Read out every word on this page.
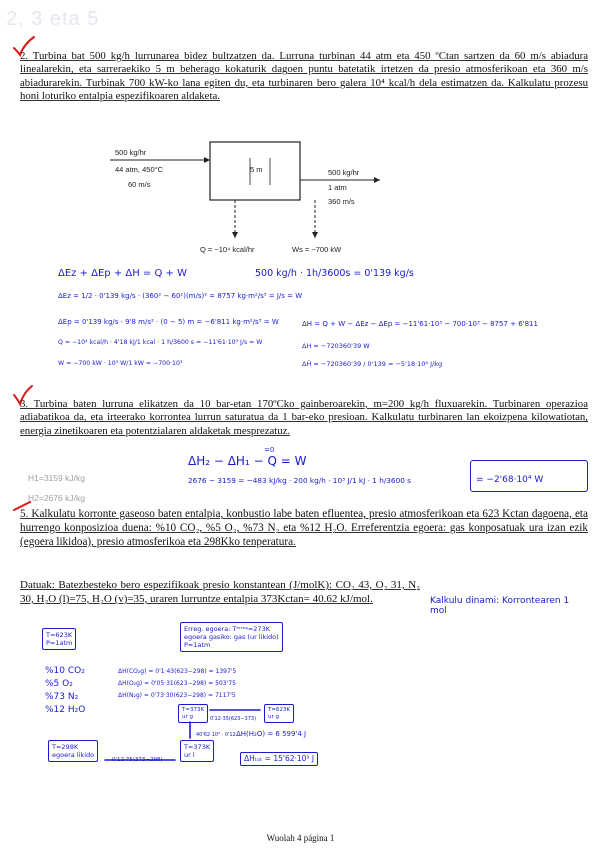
2, 3 eta 5
2. Turbina bat 500 kg/h lurrunarea bidez bultzatzen da. Lurruna turbinan 44 atm eta 450 ºCtan sartzen da 60 m/s abiadura linealarekin, eta sarreraekiko 5 m beherago kokaturik dagoen puntu batetatik irtetzen da presio atmosferikoan eta 360 m/s abiadurarekin. Turbinak 700 kW-ko lana egiten du, eta turbinaren bero galera 10⁴ kcal/h dela estimatzen da. Kalkulatu prozesu honi loturiko entalpia espezifikoaren aldaketa.
500 kg/hr
44 atm, 450°C
60 m/s
5 m	500 kg/hr
1 atm
360 m/s
Q = −10⁴ kcal/hr	Ws = −700 kW
ΔEz + ΔEp + ΔH = Q + W	500 kg/h · 1h/3600s = 0'139 kg/s
ΔEz = 1/2 · 0'139 kg/s · (360² − 60²)(m/s)² = 8757 kg·m²/s³ = J/s = W
ΔEp = 0'139 kg/s · 9'8 m/s² · (0 − 5) m = −6'811 kg·m²/s³ = W
Q = −10⁴ kcal/h · 4'18 kJ/1 kcal · 1 h/3600 s = −11'61·10³ J/s = W
W = −700 kW · 10³ W/1 kW = −700·10³
ΔH = Q + W − ΔEz − ΔEp = −11'61·10³ − 700·10³ − 8757 + 6'811
ΔH = −720360'39 W
ΔĤ = −720360'39 / 0'139 = −5'18·10⁶ J/kg
3. Turbina baten lurruna elikatzen da 10 bar-etan 170ºCko gainberoarekin, m=200 kg/h fluxuarekin. Turbinaren operazioa adiabatikoa da, eta irteerako korrontea lurrun saturatua da 1 bar-eko presioan. Kalkulatu turbinaren lan ekoizpena kilowatiotan, energia zinetikoaren eta potentzialaren aldaketak mesprezatuz.
ΔH₂ − ΔH₁ − Q = W
=0
2676 − 3159 = −483 kJ/kg · 200 kg/h · 10³ J/1 kJ · 1 h/3600 s	= −2'68·10⁴ W
H1=3159 kJ/kg
H2=2676 kJ/kg
5. Kalkulatu korronte gaseoso baten entalpia, konbustio labe baten efluentea, presio atmosferikoan eta 623 Kctan dagoena, eta hurrengo konposizioa duena: %10 CO₂, %5 O₂, %73 N₂ eta %12 H₂O. Erreferentzia egoera: gas konposatuak ura izan ezik (egoera likidoa), presio atmosferikoa eta 298Kko tenperatura.
Datuak: Batezbesteko bero espezifikoak presio konstantean (J/molK): CO₂ 43, O₂ 31, N₂ 30, H₂O (l)=75, H₂O (v)=35, uraren lurruntze entalpia 373Kctan= 40.62 kJ/mol.	Kalkulu dinami: Korrontearen 1 mol
T=623K
P=1atm
Erreg. egoera: Tᵉʳʳᵉᵍ=273K
egoera gasiko: gas (ur likido)
P=1atm
%10 CO₂
%5 O₂
%73 N₂
%12 H₂O
ΔH(CO₂g) = 0'1·43(623−298) = 1397'5
ΔH(O₂g) = 0'05·31(623−298) = 503'75
ΔH(N₂g) = 0'73·30(623−298) = 7117'5
T=373K
ur g
T=623K
ur g
0'12·35(623−373)
40'62·10³ · 0'12 ΔH(H₂O) = 6 599'4 J
T=298K
egoera likido
T=373K
ur l
0'12·75(373−298)	ΔHₜₒₜ = 15'62·10³ J
Wuolah 4 página 1
